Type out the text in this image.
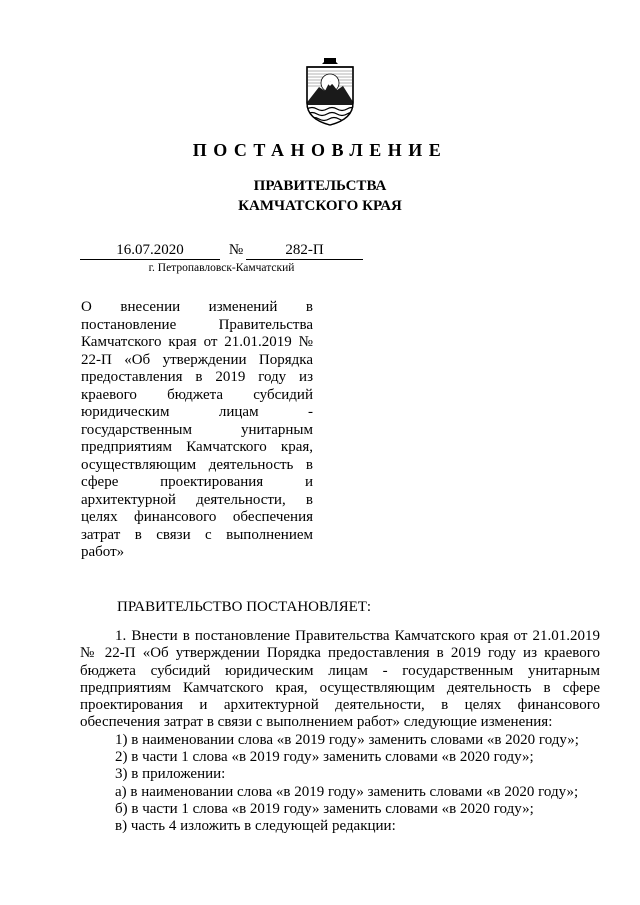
ПОСТАНОВЛЕНИЕ
ПРАВИТЕЛЬСТВА
КАМЧАТСКОГО КРАЯ
16.07.2020	№	282-П
г. Петропавловск-Камчатский

О внесении изменений в постановление Правительства Камчатского края от 21.01.2019 № 22-П «Об утверждении Порядка предоставления в 2019 году из краевого бюджета субсидий юридическим лицам - государственным унитарным предприятиям Камчатского края, осуществляющим деятельность в сфере проектирования и архитектурной деятельности, в целях финансового обеспечения затрат в связи с выполнением работ»

ПРАВИТЕЛЬСТВО ПОСТАНОВЛЯЕТ:

1. Внести в постановление Правительства Камчатского края от 21.01.2019 № 22-П «Об утверждении Порядка предоставления в 2019 году из краевого бюджета субсидий юридическим лицам - государственным унитарным предприятиям Камчатского края, осуществляющим деятельность в сфере проектирования и архитектурной деятельности, в целях финансового обеспечения затрат в связи с выполнением работ» следующие изменения:

1) в наименовании слова «в 2019 году» заменить словами «в 2020 году»;

2) в части 1 слова «в 2019 году» заменить словами «в 2020 году»;

3) в приложении:

а) в наименовании слова «в 2019 году» заменить словами «в 2020 году»;

б) в части 1 слова «в 2019 году» заменить словами «в 2020 году»;

в) часть 4 изложить в следующей редакции:
